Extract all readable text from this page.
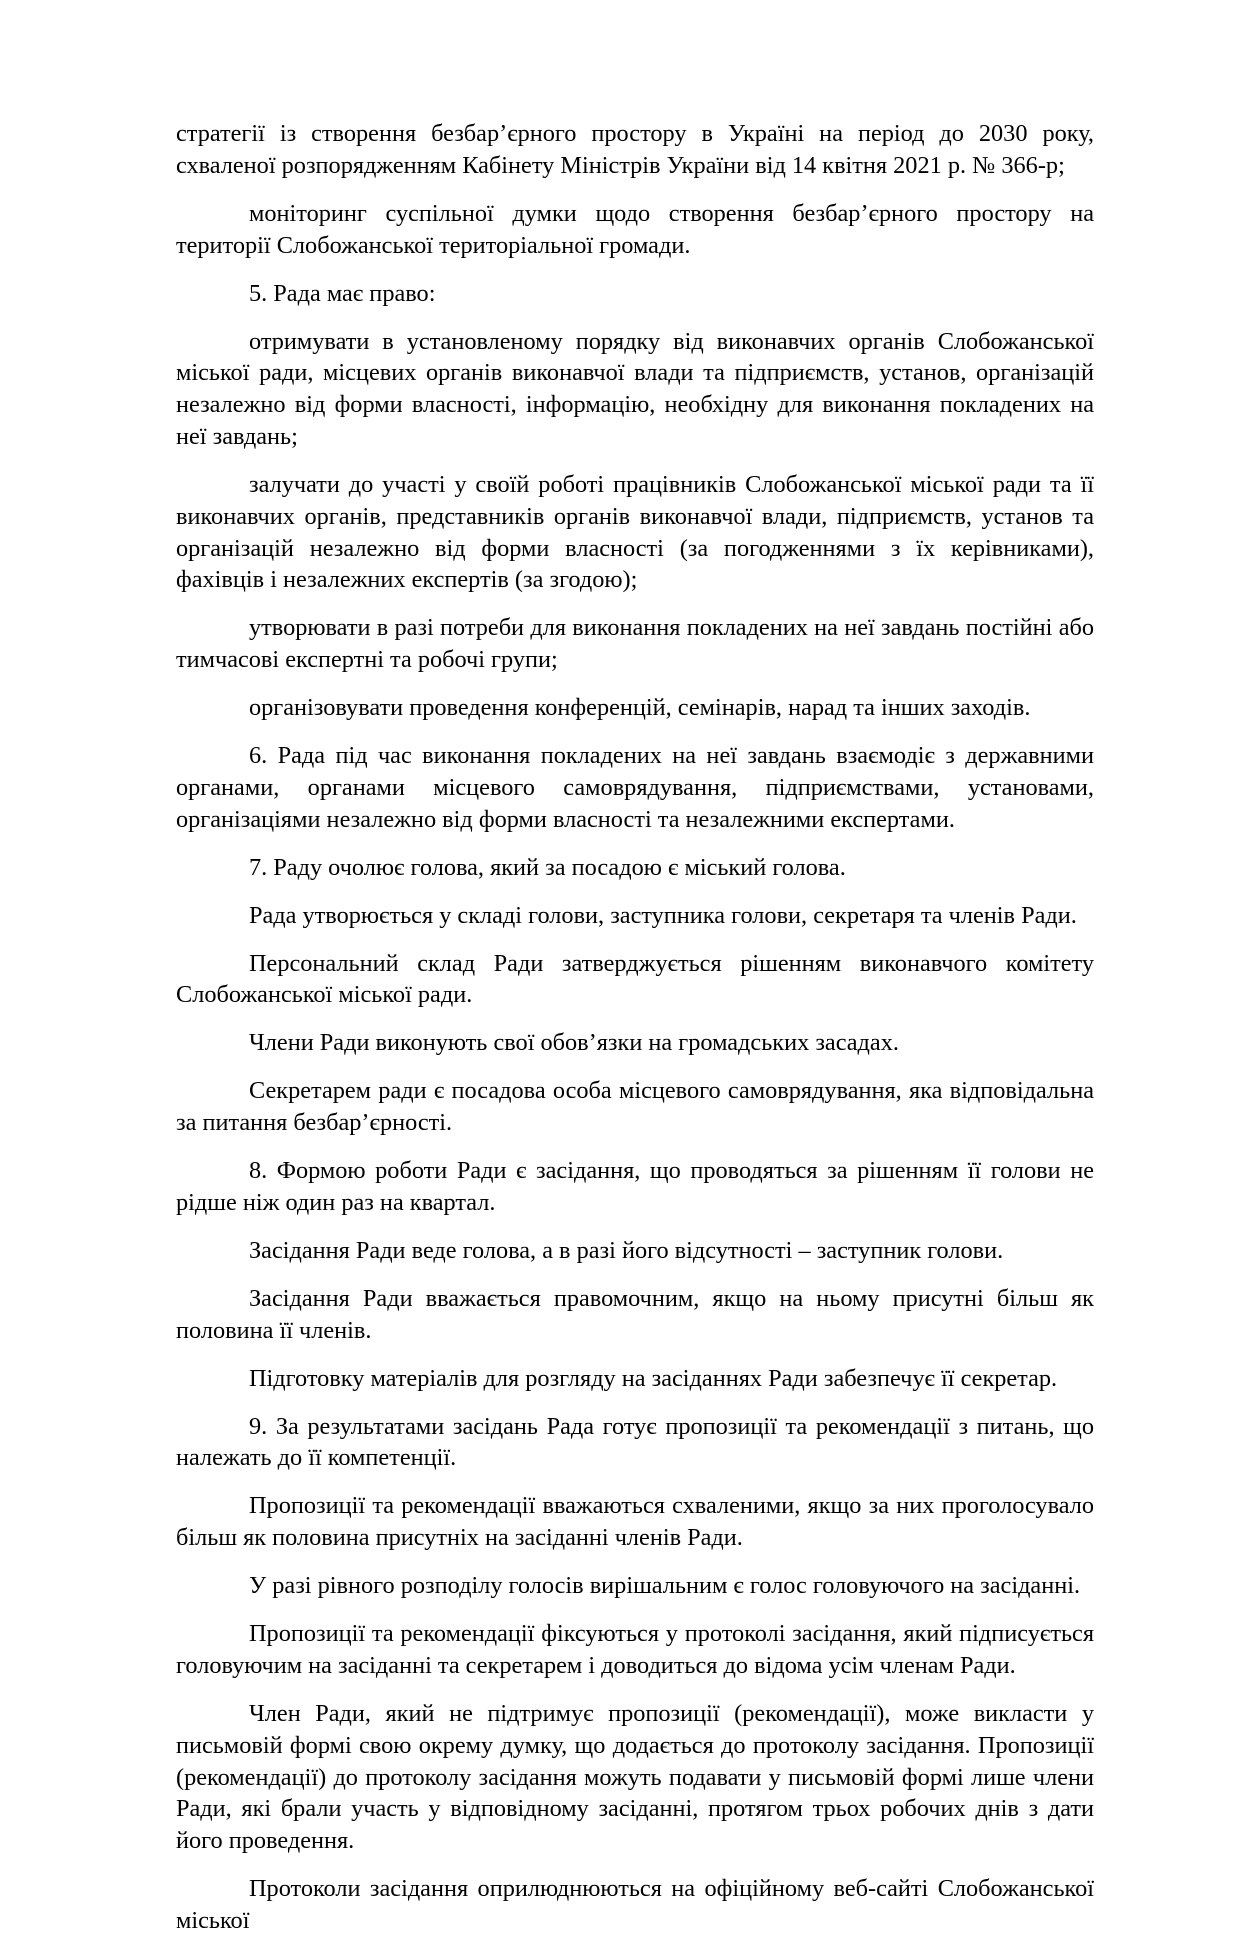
стратегії із створення безбар’єрного простору в Україні на період до 2030 року, схваленої розпорядженням Кабінету Міністрів України від 14 квітня 2021 р. № 366-р;

моніторинг суспільної думки щодо створення безбар’єрного простору на території Слобожанської територіальної громади.

5. Рада має право:

отримувати в установленому порядку від виконавчих органів Слобожанської міської ради, місцевих органів виконавчої влади та підприємств, установ, організацій незалежно від форми власності, інформацію, необхідну для виконання покладених на неї завдань;

залучати до участі у своїй роботі працівників Слобожанської міської ради та її виконавчих органів, представників органів виконавчої влади, підприємств, установ та організацій незалежно від форми власності (за погодженнями з їх керівниками), фахівців і незалежних експертів (за згодою);

утворювати в разі потреби для виконання покладених на неї завдань постійні або тимчасові експертні та робочі групи;

організовувати проведення конференцій, семінарів, нарад та інших заходів.

6. Рада під час виконання покладених на неї завдань взаємодіє з державними органами, органами місцевого самоврядування, підприємствами, установами, організаціями незалежно від форми власності та незалежними експертами.

7. Раду очолює голова, який за посадою є міський голова.

Рада утворюється у складі голови, заступника голови, секретаря та членів Ради.

Персональний склад Ради затверджується рішенням виконавчого комітету Слобожанської міської ради.

Члени Ради виконують свої обов’язки на громадських засадах.

Секретарем ради є посадова особа місцевого самоврядування, яка відповідальна за питання безбар’єрності.

8. Формою роботи Ради є засідання, що проводяться за рішенням її голови не рідше ніж один раз на квартал.

Засідання Ради веде голова, а в разі його відсутності – заступник голови.

Засідання Ради вважається правомочним, якщо на ньому присутні більш як половина її членів.

Підготовку матеріалів для розгляду на засіданнях Ради забезпечує її секретар.

9. За результатами засідань Рада готує пропозиції та рекомендації з питань, що належать до її компетенції.

Пропозиції та рекомендації вважаються схваленими, якщо за них проголосувало більш як половина присутніх на засіданні членів Ради.

У разі рівного розподілу голосів вирішальним є голос головуючого на засіданні.

Пропозиції та рекомендації фіксуються у протоколі засідання, який підписується головуючим на засіданні та секретарем і доводиться до відома усім членам Ради.

Член Ради, який не підтримує пропозиції (рекомендації), може викласти у письмовій формі свою окрему думку, що додається до протоколу засідання. Пропозиції (рекомендації) до протоколу засідання можуть подавати у письмовій формі лише члени Ради, які брали участь у відповідному засіданні, протягом трьох робочих днів з дати його проведення.

Протоколи засідання оприлюднюються на офіційному веб-сайті Слобожанської міської
